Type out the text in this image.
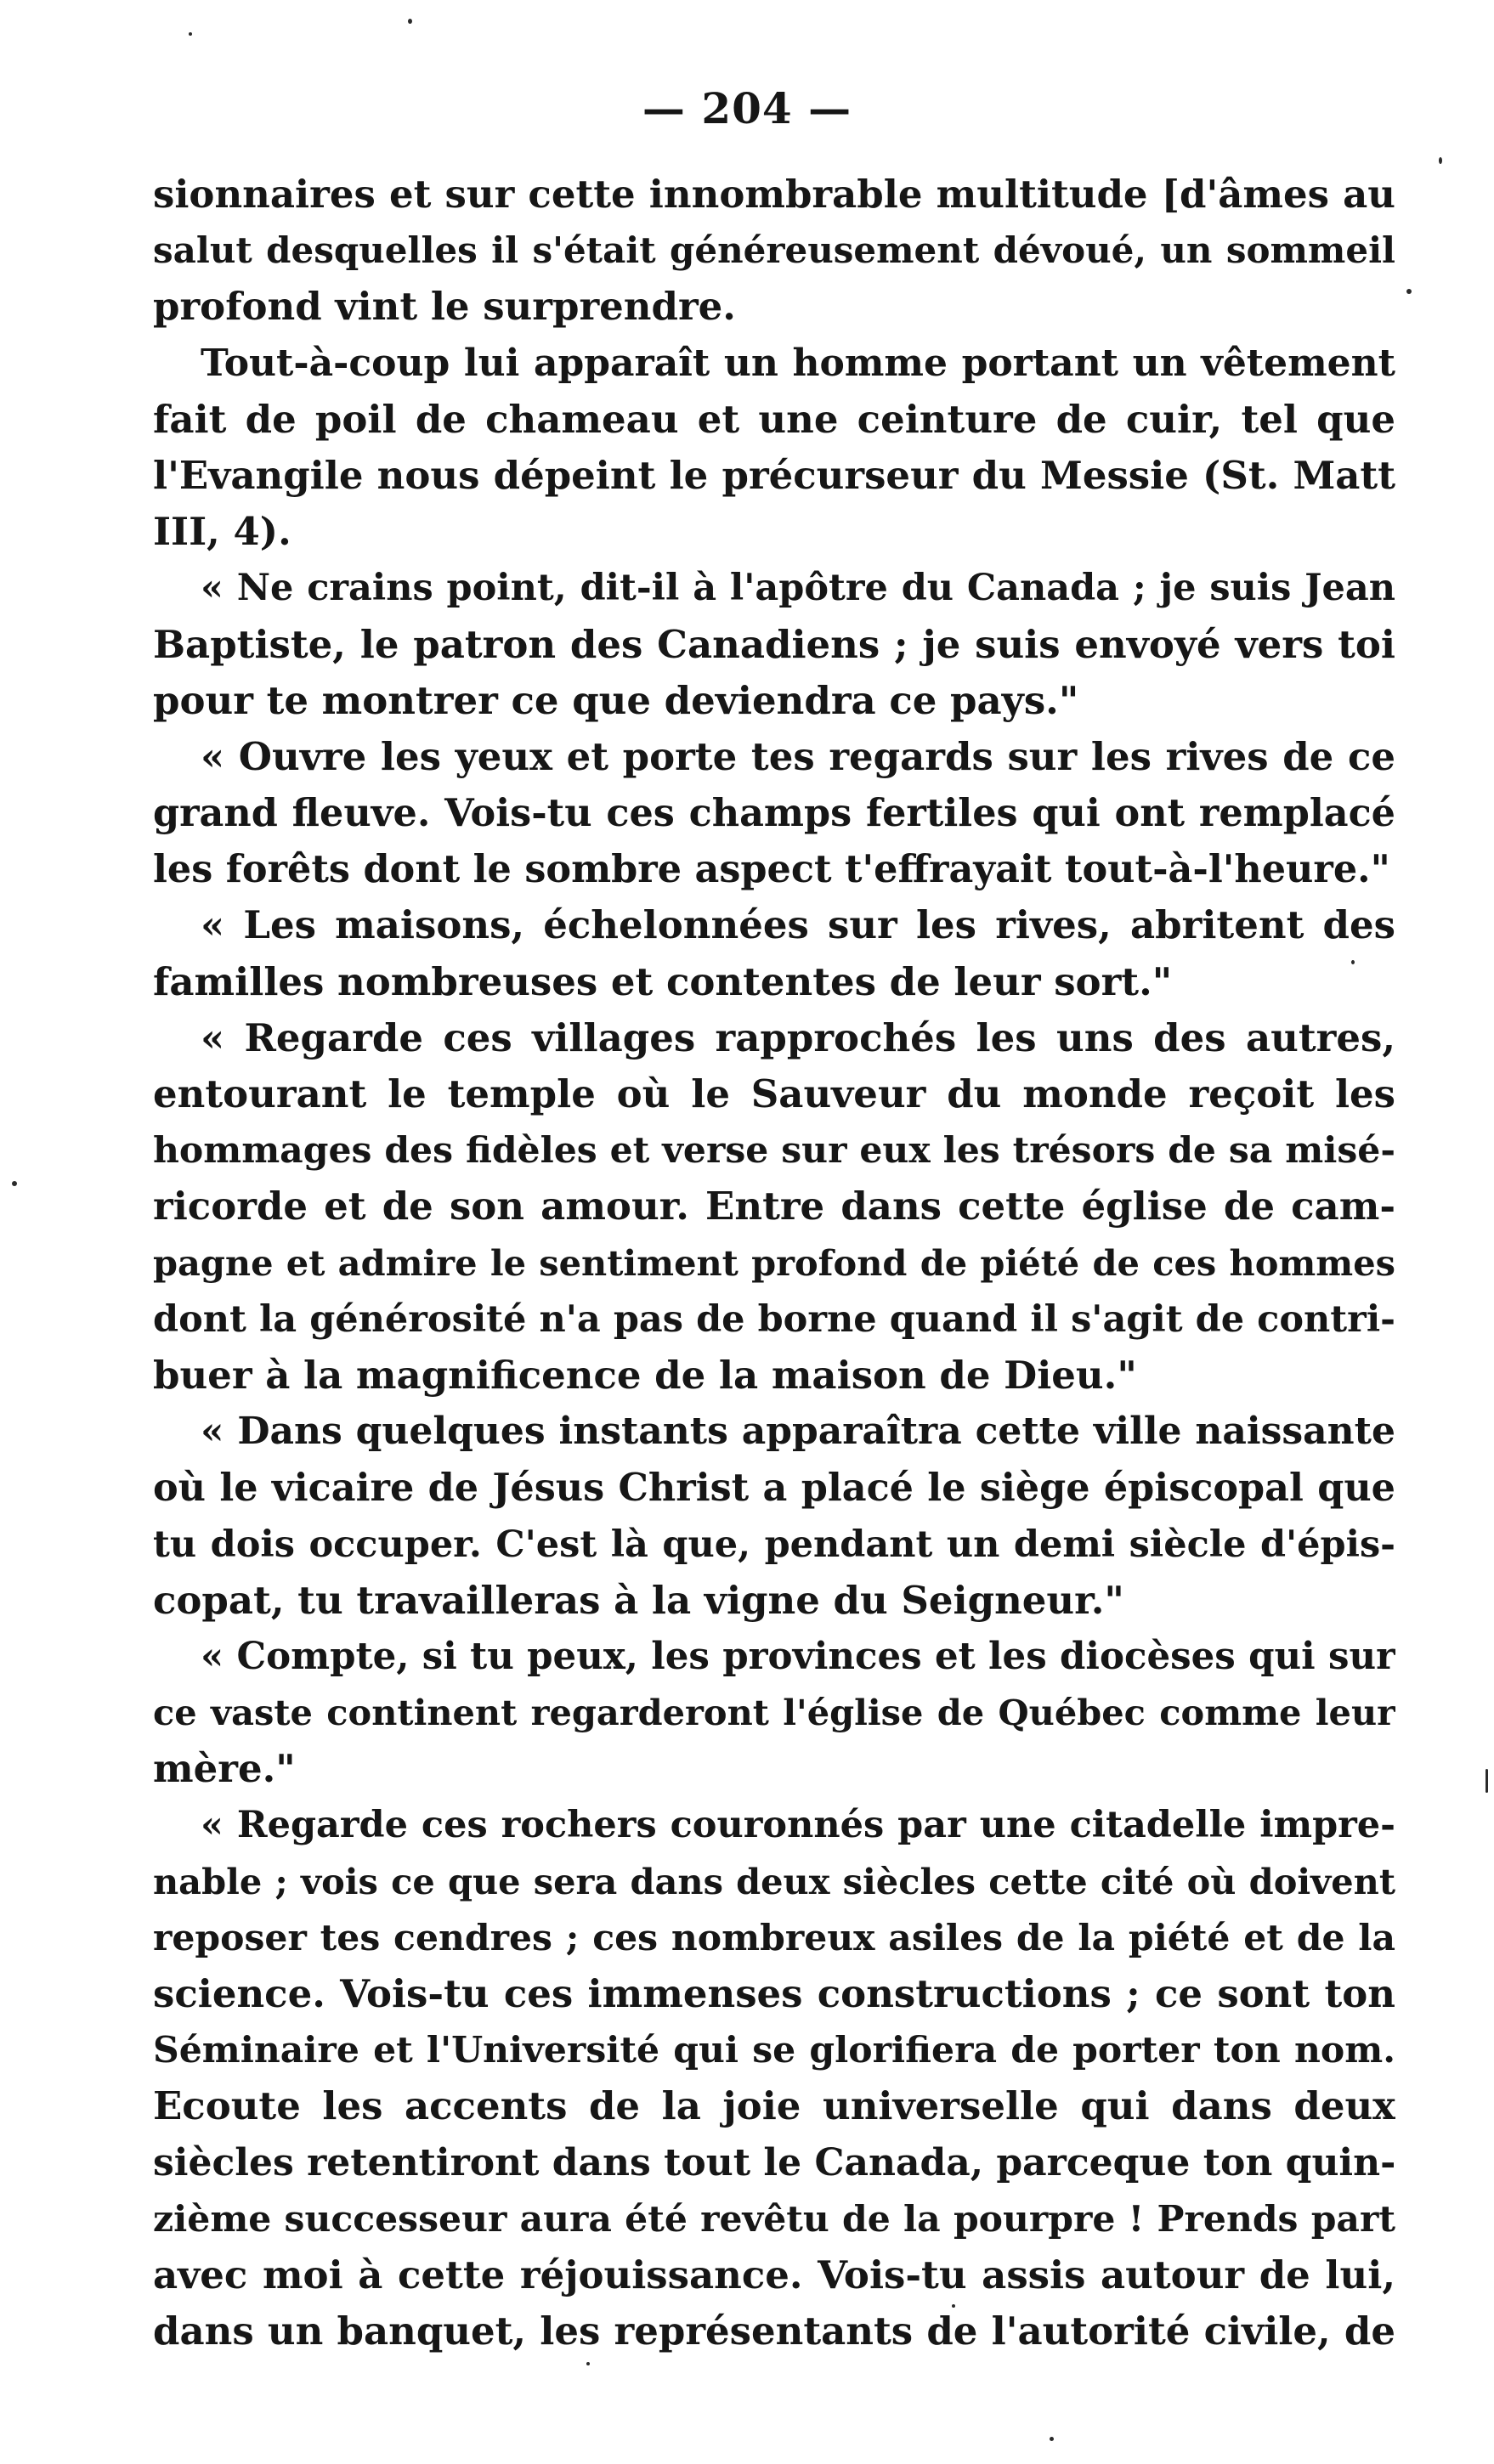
— 204 —
sionnaires et sur cette innombrable multitude [d'âmes au
salut desquelles il s'était généreusement dévoué, un sommeil
profond vint le surprendre.
Tout-à-coup lui apparaît un homme portant un vêtement
fait de poil de chameau et une ceinture de cuir, tel que
l'Evangile nous dépeint le précurseur du Messie (St. Matt
III, 4).
« Ne crains point, dit-il à l'apôtre du Canada ; je suis Jean
Baptiste, le patron des Canadiens ; je suis envoyé vers toi
pour te montrer ce que deviendra ce pays."
« Ouvre les yeux et porte tes regards sur les rives de ce
grand fleuve. Vois-tu ces champs fertiles qui ont remplacé
les forêts dont le sombre aspect t'effrayait tout-à-l'heure."
« Les maisons, échelonnées sur les rives, abritent des
familles nombreuses et contentes de leur sort."
« Regarde ces villages rapprochés les uns des autres,
entourant le temple où le Sauveur du monde reçoit les
hommages des fidèles et verse sur eux les trésors de sa misé-
ricorde et de son amour. Entre dans cette église de cam-
pagne et admire le sentiment profond de piété de ces hommes
dont la générosité n'a pas de borne quand il s'agit de contri-
buer à la magnificence de la maison de Dieu."
« Dans quelques instants apparaîtra cette ville naissante
où le vicaire de Jésus Christ a placé le siège épiscopal que
tu dois occuper. C'est là que, pendant un demi siècle d'épis-
copat, tu travailleras à la vigne du Seigneur."
« Compte, si tu peux, les provinces et les diocèses qui sur
ce vaste continent regarderont l'église de Québec comme leur
mère."
« Regarde ces rochers couronnés par une citadelle impre-
nable ; vois ce que sera dans deux siècles cette cité où doivent
reposer tes cendres ; ces nombreux asiles de la piété et de la
science. Vois-tu ces immenses constructions ; ce sont ton
Séminaire et l'Université qui se glorifiera de porter ton nom.
Ecoute les accents de la joie universelle qui dans deux
siècles retentiront dans tout le Canada, parceque ton quin-
zième successeur aura été revêtu de la pourpre ! Prends part
avec moi à cette réjouissance. Vois-tu assis autour de lui,
dans un banquet, les représentants de l'autorité civile, de
